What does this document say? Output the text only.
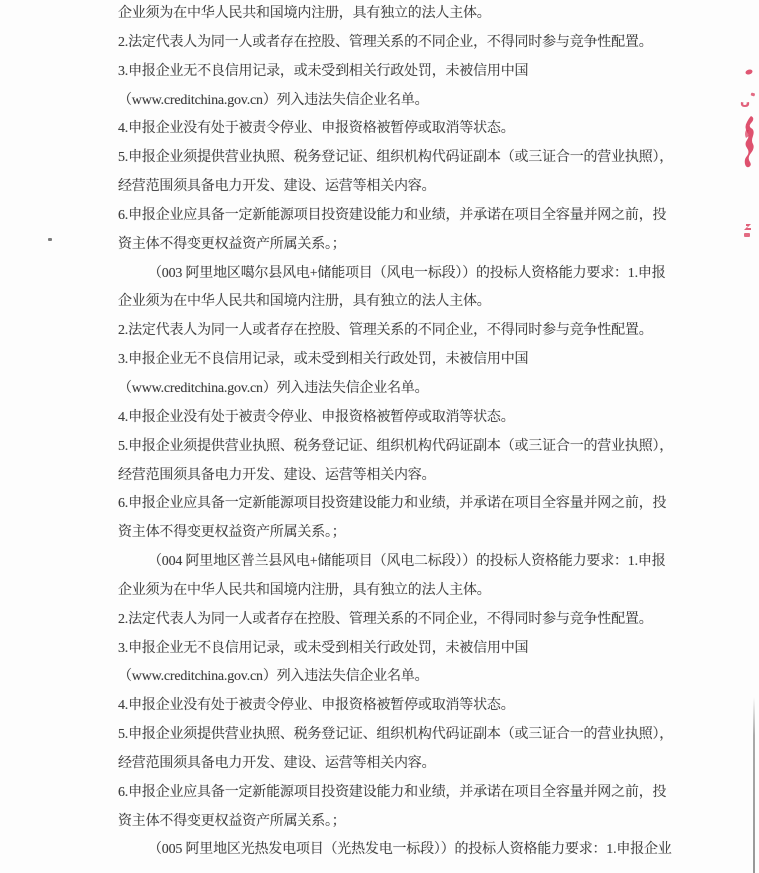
企业须为在中华人民共和国境内注册，具有独立的法人主体。
2.法定代表人为同一人或者存在控股、管理关系的不同企业，不得同时参与竞争性配置。
3.申报企业无不良信用记录，或未受到相关行政处罚，未被信用中国
（www.creditchina.gov.cn）列入违法失信企业名单。
4.申报企业没有处于被责令停业、申报资格被暂停或取消等状态。
5.申报企业须提供营业执照、税务登记证、组织机构代码证副本（或三证合一的营业执照），
经营范围须具备电力开发、建设、运营等相关内容。
6.申报企业应具备一定新能源项目投资建设能力和业绩，并承诺在项目全容量并网之前，投
资主体不得变更权益资产所属关系。；
（003 阿里地区噶尔县风电+储能项目（风电一标段））的投标人资格能力要求：1.申报
企业须为在中华人民共和国境内注册，具有独立的法人主体。
2.法定代表人为同一人或者存在控股、管理关系的不同企业，不得同时参与竞争性配置。
3.申报企业无不良信用记录，或未受到相关行政处罚，未被信用中国
（www.creditchina.gov.cn）列入违法失信企业名单。
4.申报企业没有处于被责令停业、申报资格被暂停或取消等状态。
5.申报企业须提供营业执照、税务登记证、组织机构代码证副本（或三证合一的营业执照），
经营范围须具备电力开发、建设、运营等相关内容。
6.申报企业应具备一定新能源项目投资建设能力和业绩，并承诺在项目全容量并网之前，投
资主体不得变更权益资产所属关系。；
（004 阿里地区普兰县风电+储能项目（风电二标段））的投标人资格能力要求：1.申报
企业须为在中华人民共和国境内注册，具有独立的法人主体。
2.法定代表人为同一人或者存在控股、管理关系的不同企业，不得同时参与竞争性配置。
3.申报企业无不良信用记录，或未受到相关行政处罚，未被信用中国
（www.creditchina.gov.cn）列入违法失信企业名单。
4.申报企业没有处于被责令停业、申报资格被暂停或取消等状态。
5.申报企业须提供营业执照、税务登记证、组织机构代码证副本（或三证合一的营业执照），
经营范围须具备电力开发、建设、运营等相关内容。
6.申报企业应具备一定新能源项目投资建设能力和业绩，并承诺在项目全容量并网之前，投
资主体不得变更权益资产所属关系。；
（005 阿里地区光热发电项目（光热发电一标段））的投标人资格能力要求：1.申报企业
